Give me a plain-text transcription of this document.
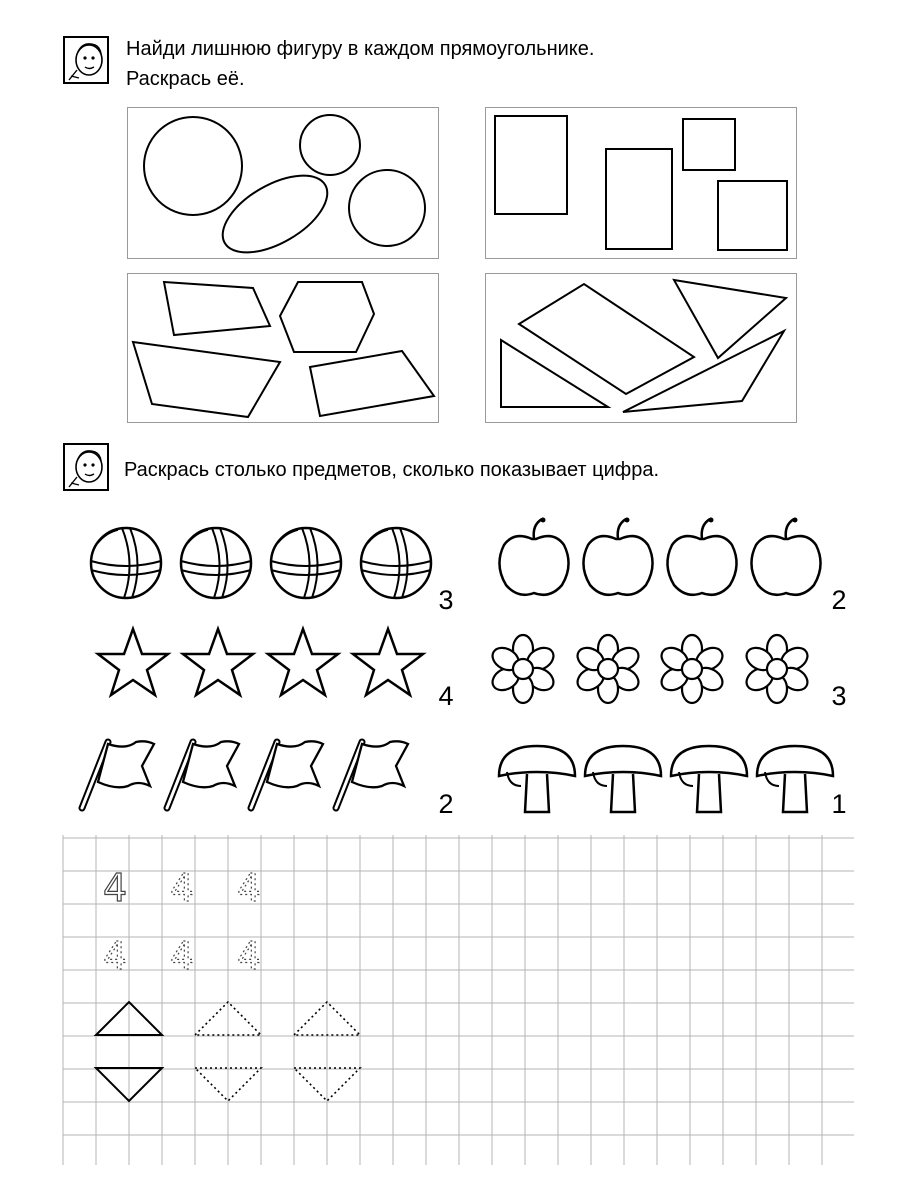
Найди лишнюю фигуру в каждом прямоугольнике.
Раскрась её.
Раскрась столько предметов, сколько показывает цифра.
3	2
4	3
2	1
4 4 4
4 4 4
